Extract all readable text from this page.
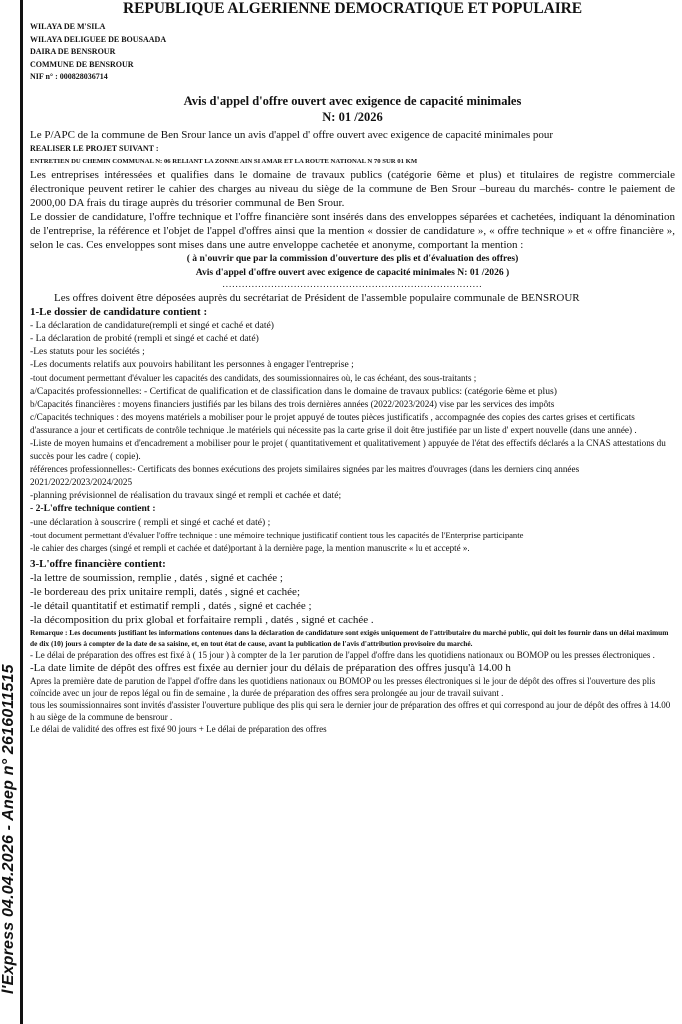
l'Express 04.04.2026 - Anep n° 2616011515
REPUBLIQUE ALGERIENNE DEMOCRATIQUE ET POPULAIRE
WILAYA DE M'SILA
WILAYA DELIGUEE DE BOUSAADA
DAIRA DE BENSROUR
COMMUNE DE BENSROUR
NIF n° : 000828036714
Avis d'appel d'offre ouvert avec exigence de capacité minimales
N: 01 /2026

Le P/APC de la commune de Ben Srour lance un avis d'appel d' offre ouvert avec exigence de capacité minimales pour

REALISER LE PROJET SUIVANT :

ENTRETIEN DU CHEMIN COMMUNAL N: 06 RELIANT LA ZONNE AIN SI AMAR ET LA ROUTE NATIONAL N 70 SUR 01 KM

Les entreprises intéressées et qualifies dans le domaine de travaux publics (catégorie 6ème et plus) et titulaires de registre commerciale électronique peuvent retirer le cahier des charges au niveau du siège de la commune de Ben Srour –bureau du marchés- contre le paiement de 2000,00 DA frais du tirage auprès du trésorier communal de Ben Srour.

Le dossier de candidature, l'offre technique et l'offre financière sont insérés dans des enveloppes séparées et cachetées, indiquant la dénomination de l'entreprise, la référence et l'objet de l'appel d'offres ainsi que la mention « dossier de candidature », « offre technique » et « offre financière », selon le cas. Ces enveloppes sont mises dans une autre enveloppe cachetée et anonyme, comportant la mention :

( à n'ouvrir que par la commission d'ouverture des plis et d'évaluation des offres)

Avis d'appel d'offre ouvert avec exigence de capacité minimales N: 01 /2026 )

................................................................................

Les offres doivent être déposées auprès du secrétariat de Président de l'assemble populaire communale de BENSROUR

1-Le dossier de candidature contient :

- La déclaration de candidature(rempli et singé et caché et daté)

- La déclaration de probité (rempli et singé et caché et daté)

-Les statuts pour les sociétés ;

-Les documents relatifs aux pouvoirs habilitant les personnes à engager l'entreprise ;

-tout document permettant d'évaluer les capacités des candidats, des soumissionnaires où, le cas échéant, des sous-traitants ;

a/Capacités professionnelles: - Certificat de qualification et de classification dans le domaine de travaux publics: (catégorie 6ème et plus)

b/Capacités financières : moyens financiers justifiés par les bilans des trois dernières années (2022/2023/2024) vise par les services des impôts

c/Capacités techniques : des moyens matériels a mobiliser pour le projet appuyé de toutes pièces justificatifs , accompagnée des copies des cartes grises et certificats d'assurance a jour et certificats de contrôle technique .le matériels qui nécessite pas la carte grise il doit être justifiée par un liste d' expert nouvelle (dans une année) .

-Liste de moyen humains et d'encadrement a mobiliser pour le projet ( quantitativement et qualitativement ) appuyée de l'état des effectifs déclarés a la CNAS attestations du succès pour les cadre ( copie).

références professionnelles:- Certificats des bonnes exécutions des projets similaires signées par les maitres d'ouvrages (dans les derniers cinq années 2021/2022/2023/2024/2025

-planning prévisionnel de réalisation du travaux singé et rempli et cachée et daté;

- 2-L'offre technique contient :

-une déclaration à souscrire ( rempli et singé et caché et daté) ;

-tout document permettant d'évaluer l'offre technique : une mémoire technique justificatif contient tous les capacités de l'Enterprise participante

-le cahier des charges (singé et rempli et cachée et daté)portant à la dernière page, la mention manuscrite « lu et accepté ».

3-L'offre financière contient:

-la lettre de soumission, remplie , datés , signé et cachée ;

-le bordereau des prix unitaire rempli, datés , signé et cachée;

-le détail quantitatif et estimatif rempli , datés , signé et cachée ;

-la décomposition du prix global et forfaitaire rempli , datés , signé et cachée .

Remarque : Les documents justifiant les informations contenues dans la déclaration de candidature sont exigés uniquement de l'attributaire du marché public, qui doit les fournir dans un délai maximum de dix (10) jours à compter de la date de sa saisine, et, en tout état de cause, avant la publication de l'avis d'attribution provisoire du marché.

- Le délai de préparation des offres est fixé à ( 15 jour ) à compter de la 1er parution de l'appel d'offre dans les quotidiens nationaux ou BOMOP ou les presses électroniques .

-La date limite de dépôt des offres est fixée au dernier jour du délais de préparation des offres jusqu'à 14.00 h

Apres la première date de parution de l'appel d'offre dans les quotidiens nationaux ou BOMOP ou les presses électroniques si le jour de dépôt des offres si l'ouverture des plis coïncide avec un jour de repos légal ou fin de semaine , la durée de préparation des offres sera prolongée au jour de travail suivant .

tous les soumissionnaires sont invités d'assister l'ouverture publique des plis qui sera le dernier jour de préparation des offres et qui correspond au jour de dépôt des offres à 14.00 h au siège de la commune de bensrour .

Le délai de validité des offres est fixé 90 jours + Le délai de préparation des offres
